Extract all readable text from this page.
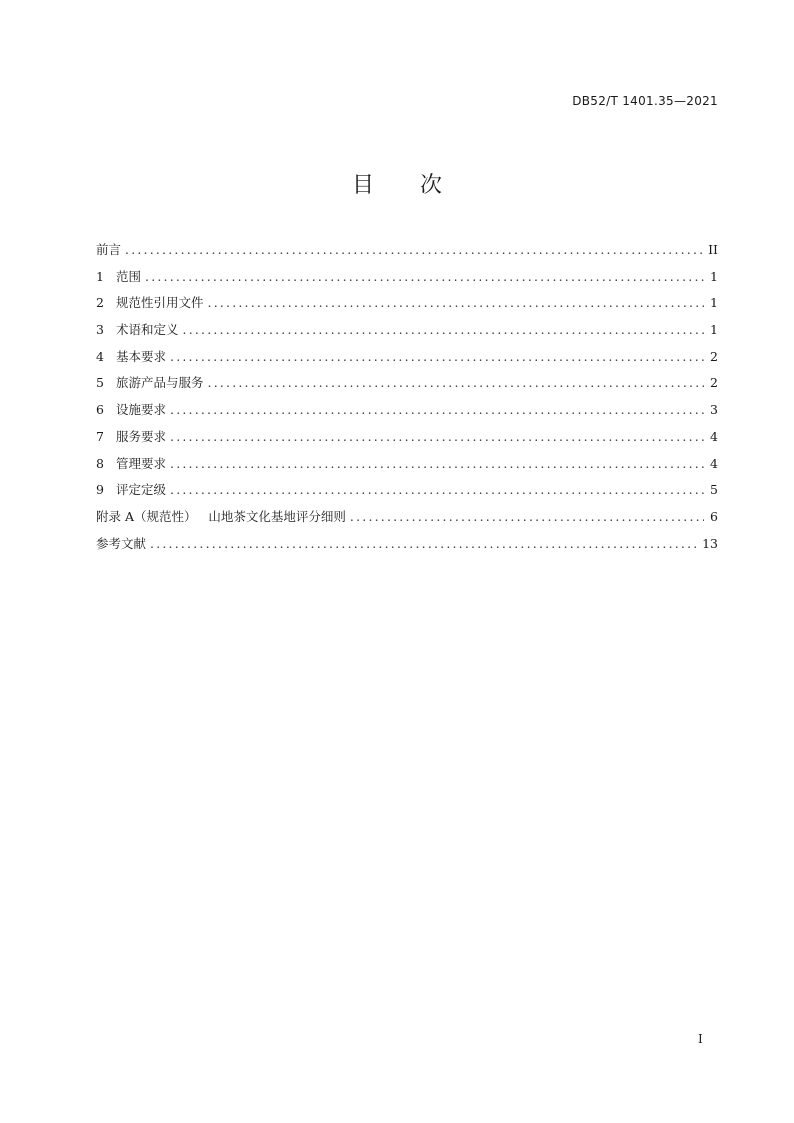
DB52/T 1401.35—2021
目次
前言 .....	II
1 范围 .....	1
2 规范性引用文件 .....	1
3 术语和定义 .....	1
4 基本要求 .....	2
5 旅游产品与服务 .....	2
6 设施要求 .....	3
7 服务要求 .....	4
8 管理要求 .....	4
9 评定定级 .....	5
附录 A（规范性）   山地茶文化基地评分细则 .....	6
参考文献 .....	13
I
